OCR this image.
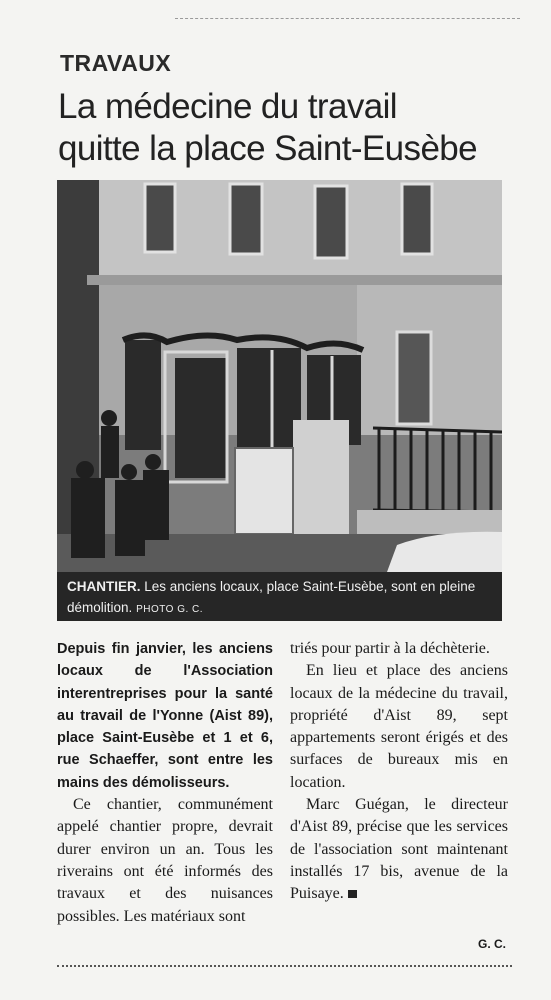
TRAVAUX
La médecine du travail
quitte la place Saint-Eusèbe
CHANTIER. Les anciens locaux, place Saint-Eusèbe, sont en pleine démolition. PHOTO G. C.

Depuis fin janvier, les anciens locaux de l'Association interentreprises pour la santé au travail de l'Yonne (Aist 89), place Saint-Eusèbe et 1 et 6, rue Schaeffer, sont entre les mains des démolisseurs.

Ce chantier, communément appelé chantier propre, devrait durer environ un an. Tous les riverains ont été informés des travaux et des nuisances possibles. Les matériaux sont

triés pour partir à la déchèterie.

En lieu et place des anciens locaux de la médecine du travail, propriété d'Aist 89, sept appartements seront érigés et des surfaces de bureaux mis en location.

Marc Guégan, le directeur d'Aist 89, précise que les services de l'association sont maintenant installés 17 bis, avenue de la Puisaye.

G. C.
